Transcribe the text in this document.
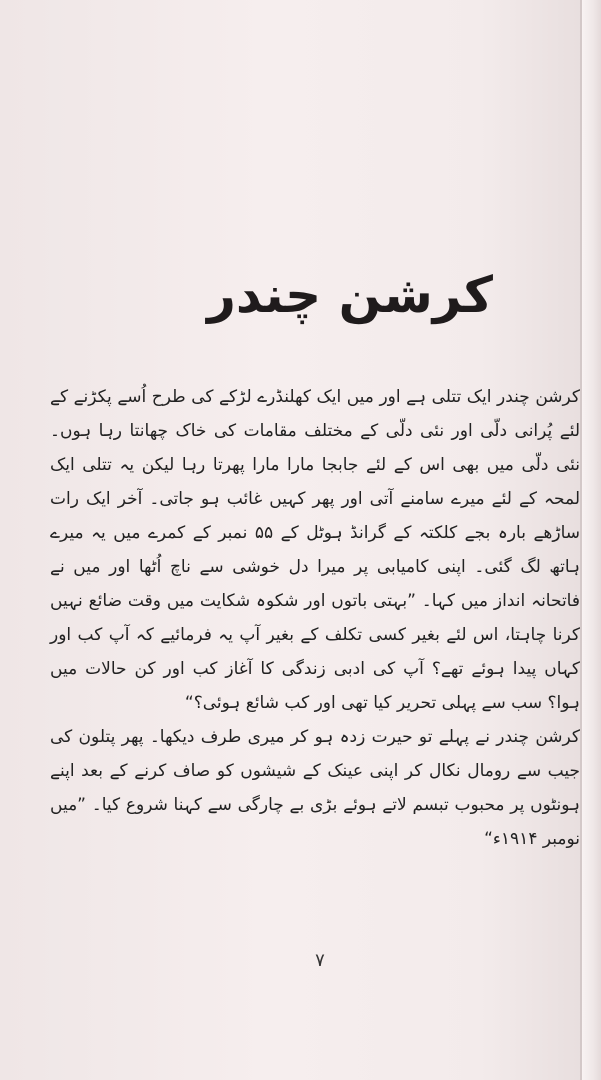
کرشن چندر

کرشن چندر ایک تتلی ہے اور میں ایک کھلنڈرے لڑکے کی طرح اُسے پکڑنے کے لئے پُرانی دلّی اور نئی دلّی کے مختلف مقامات کی خاک چھانتا رہا ہوں۔ نئی دلّی میں بھی اس کے لئے جابجا مارا مارا پھرتا رہا لیکن یہ تتلی ایک لمحہ کے لئے میرے سامنے آتی اور پھر کہیں غائب ہو جاتی۔ آخر ایک رات ساڑھے بارہ بجے کلکتہ کے گرانڈ ہوٹل کے ۵۵ نمبر کے کمرے میں یہ میرے ہاتھ لگ گئی۔ اپنی کامیابی پر میرا دل خوشی سے ناچ اُٹھا اور میں نے فاتحانہ انداز میں کہا۔ ”بہتی باتوں اور شکوہ شکایت میں وقت ضائع نہیں کرنا چاہتا، اس لئے بغیر کسی تکلف کے بغیر آپ یہ فرمائیے کہ آپ کب اور کہاں پیدا ہوئے تھے؟ آپ کی ادبی زندگی کا آغاز کب اور کن حالات میں ہوا؟ سب سے پہلی تحریر کیا تھی اور کب شائع ہوئی؟“

کرشن چندر نے پہلے تو حیرت زدہ ہو کر میری طرف دیکھا۔ پھر پتلون کی جیب سے رومال نکال کر اپنی عینک کے شیشوں کو صاف کرنے کے بعد اپنے ہونٹوں پر محبوب تبسم لاتے ہوئے بڑی بے چارگی سے کہنا شروع کیا۔ ”میں نومبر ۱۹۱۴ء“

۷
